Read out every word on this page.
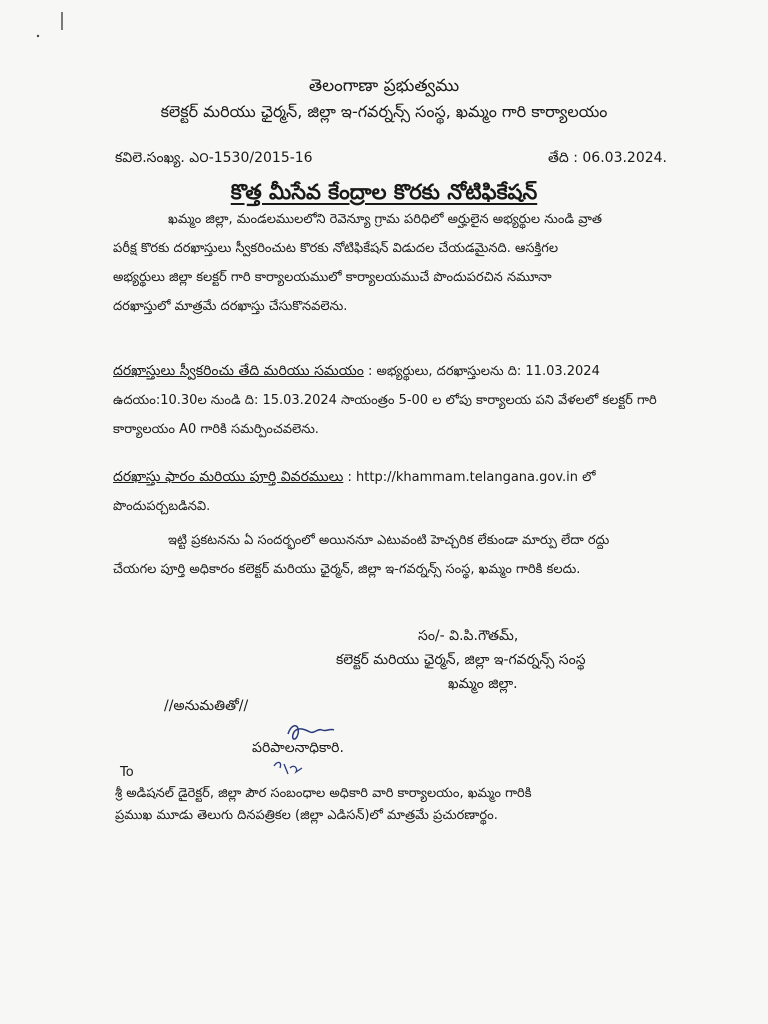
తెలంగాణా ప్రభుత్వము
కలెక్టర్ మరియు ఛైర్మన్, జిల్లా ఇ-గవర్నన్స్ సంస్థ, ఖమ్మం గారి కార్యాలయం
కవిలె.సంఖ్య. ఎ౦-1530/2015-16	తేది : 06.03.2024.
కొత్త మీసేవ కేంద్రాల కొరకు నోటిఫికేషన్
ఖమ్మం జిల్లా, మండలములలోని రెవెన్యూ గ్రామ పరిధిలో అర్హులైన అభ్యర్థుల నుండి వ్రాత
పరీక్ష కొరకు దరఖాస్తులు స్వీకరించుట కొరకు నోటిఫికేషన్ విడుదల చేయడమైనది. ఆసక్తిగల
అభ్యర్థులు జిల్లా కలక్టర్ గారి కార్యాలయములో కార్యాలయముచే పొందుపరచిన నమూనా
దరఖాస్తులో మాత్రమే దరఖాస్తు చేసుకొనవలెను.
దరఖాస్తులు స్వీకరించు తేది మరియు సమయం : అభ్యర్థులు, దరఖాస్తులను ది: 11.03.2024
ఉదయం:10.30ల నుండి ది: 15.03.2024 సాయంత్రం 5-00 ల లోపు కార్యాలయ పని వేళలలో కలక్టర్ గారి
కార్యాలయం A0 గారికి సమర్పించవలెను.
దరఖాస్తు ఫారం మరియు పూర్తి వివరములు : http://khammam.telangana.gov.in లో
పొందుపర్చబడినవి.
ఇట్టి ప్రకటనను ఏ సందర్భంలో అయిననూ ఎటువంటి హెచ్చరిక లేకుండా మార్పు లేదా రద్దు
చేయగల పూర్తి అధికారం కలెక్టర్ మరియు ఛైర్మన్, జిల్లా ఇ-గవర్నన్స్ సంస్థ, ఖమ్మం గారికి కలదు.
సం/- వి.పి.గౌతమ్,
కలెక్టర్ మరియు ఛైర్మన్, జిల్లా ఇ-గవర్నన్స్ సంస్థ
ఖమ్మం జిల్లా.
//అనుమతితో//
పరిపాలనాధికారి.
To
శ్రీ అడిషనల్ డైరెక్టర్, జిల్లా పౌర సంబంధాల అధికారి వారి కార్యాలయం, ఖమ్మం గారికి
ప్రముఖ మూడు తెలుగు దినపత్రికల (జిల్లా ఎడిసన్)లో మాత్రమే ప్రచురణార్థం.
